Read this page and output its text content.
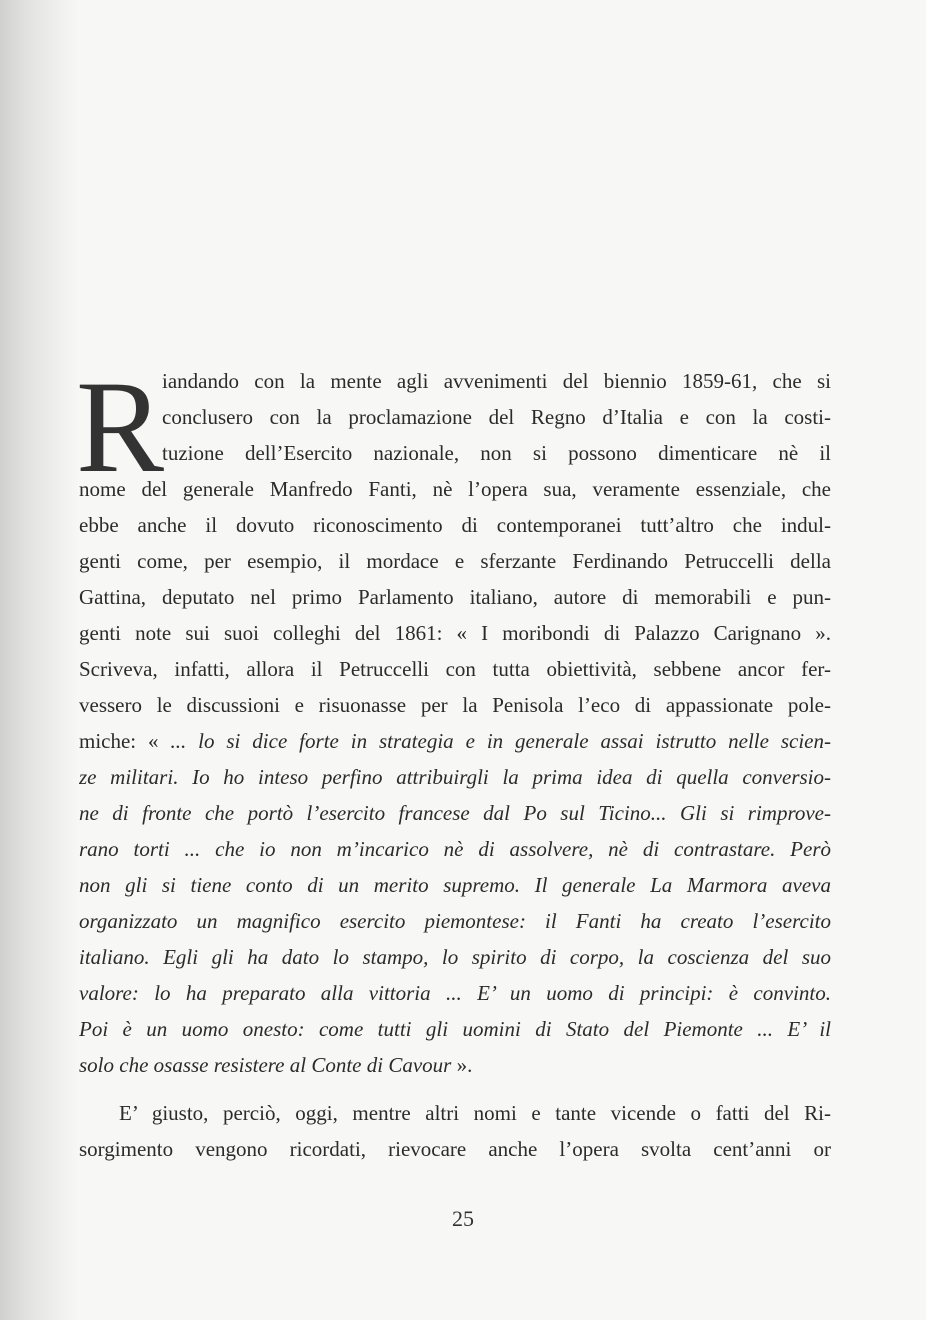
R
iandando con la mente agli avvenimenti del biennio 1859-61, che si
conclusero con la proclamazione del Regno d’Italia e con la costi-
tuzione dell’Esercito nazionale, non si possono dimenticare nè il
nome del generale Manfredo Fanti, nè l’opera sua, veramente essenziale, che
ebbe anche il dovuto riconoscimento di contemporanei tutt’altro che indul-
genti come, per esempio, il mordace e sferzante Ferdinando Petruccelli della
Gattina, deputato nel primo Parlamento italiano, autore di memorabili e pun-
genti note sui suoi colleghi del 1861: « I moribondi di Palazzo Carignano ».
Scriveva, infatti, allora il Petruccelli con tutta obiettività, sebbene ancor fer-
vessero le discussioni e risuonasse per la Penisola l’eco di appassionate pole-
miche: « ... lo si dice forte in strategia e in generale assai istrutto nelle scien-
ze militari. Io ho inteso perfino attribuirgli la prima idea di quella conversio-
ne di fronte che portò l’esercito francese dal Po sul Ticino... Gli si rimprove-
rano torti ... che io non m’incarico nè di assolvere, nè di contrastare. Però
non gli si tiene conto di un merito supremo. Il generale La Marmora aveva
organizzato un magnifico esercito piemontese: il Fanti ha creato l’esercito
italiano. Egli gli ha dato lo stampo, lo spirito di corpo, la coscienza del suo
valore: lo ha preparato alla vittoria ... E’ un uomo di principi: è convinto.
Poi è un uomo onesto: come tutti gli uomini di Stato del Piemonte ... E’ il
solo che osasse resistere al Conte di Cavour ».
E’ giusto, perciò, oggi, mentre altri nomi e tante vicende o fatti del Ri-
sorgimento vengono ricordati, rievocare anche l’opera svolta cent’anni or
25
